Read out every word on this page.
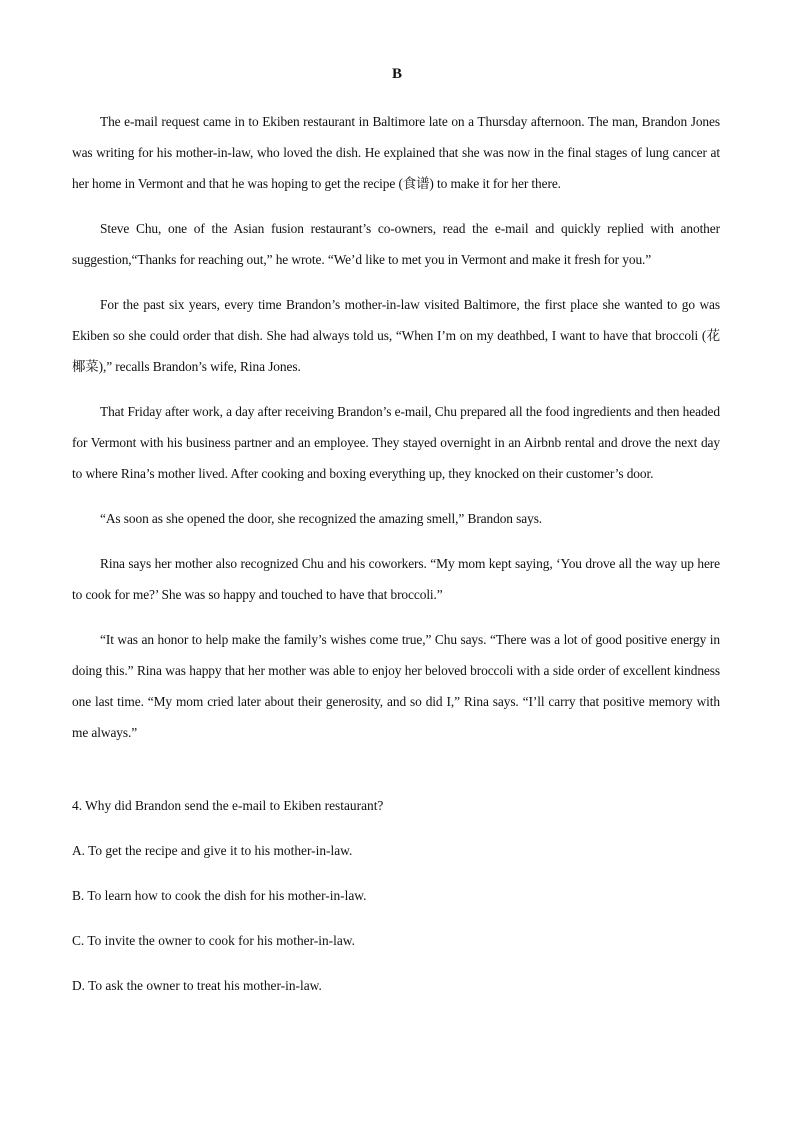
B

The e-mail request came in to Ekiben restaurant in Baltimore late on a Thursday afternoon. The man, Brandon Jones was writing for his mother-in-law, who loved the dish. He explained that she was now in the final stages of lung cancer at her home in Vermont and that he was hoping to get the recipe (食谱) to make it for her there.

Steve Chu, one of the Asian fusion restaurant’s co-owners, read the e-mail and quickly replied with another suggestion,“Thanks for reaching out,” he wrote. “We’d like to met you in Vermont and make it fresh for you.”

For the past six years, every time Brandon’s mother-in-law visited Baltimore, the first place she wanted to go was Ekiben so she could order that dish. She had always told us, “When I’m on my deathbed, I want to have that broccoli (花椰菜),” recalls Brandon’s wife, Rina Jones.

That Friday after work, a day after receiving Brandon’s e-mail, Chu prepared all the food ingredients and then headed for Vermont with his business partner and an employee. They stayed overnight in an Airbnb rental and drove the next day to where Rina’s mother lived. After cooking and boxing everything up, they knocked on their customer’s door.

“As soon as she opened the door, she recognized the amazing smell,” Brandon says.

Rina says her mother also recognized Chu and his coworkers. “My mom kept saying, ‘You drove all the way up here to cook for me?’ She was so happy and touched to have that broccoli.”

“It was an honor to help make the family’s wishes come true,” Chu says. “There was a lot of good positive energy in doing this.” Rina was happy that her mother was able to enjoy her beloved broccoli with a side order of excellent kindness one last time. “My mom cried later about their generosity, and so did I,” Rina says. “I’ll carry that positive memory with me always.”

4. Why did Brandon send the e-mail to Ekiben restaurant?
A. To get the recipe and give it to his mother-in-law.
B. To learn how to cook the dish for his mother-in-law.
C. To invite the owner to cook for his mother-in-law.
D. To ask the owner to treat his mother-in-law.
